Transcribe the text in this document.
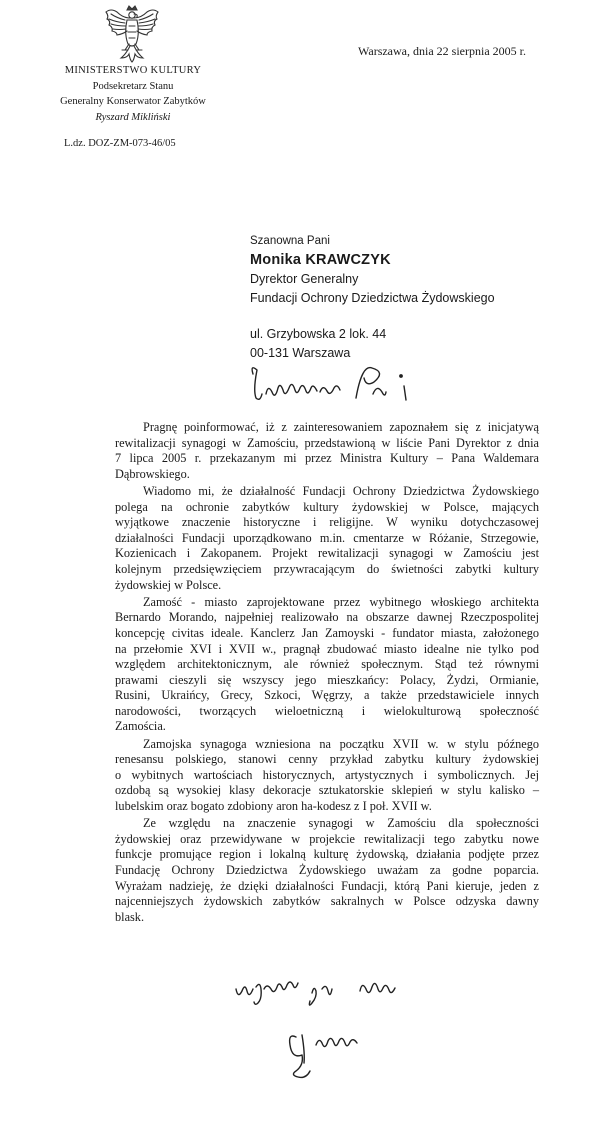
Warszawa, dnia 22 sierpnia 2005 r.
MINISTERSTWO KULTURY
Podsekretarz Stanu
Generalny Konserwator Zabytków
Ryszard Mikliński
L.dz. DOZ-ZM-073-46/05
Szanowna Pani
Monika KRAWCZYK
Dyrektor Generalny
Fundacji Ochrony Dziedzictwa Żydowskiego
ul. Grzybowska 2 lok. 44
00-131 Warszawa

Pragnę poinformować, iż z zainteresowaniem zapoznałem się z inicjatywą
rewitalizacji synagogi w Zamościu, przedstawioną w liście Pani Dyrektor z dnia
7 lipca 2005 r. przekazanym mi przez Ministra Kultury – Pana Waldemara
Dąbrowskiego.

Wiadomo mi, że działalność Fundacji Ochrony Dziedzictwa Żydowskiego
polega na ochronie zabytków kultury żydowskiej w Polsce, mających
wyjątkowe znaczenie historyczne i religijne. W wyniku dotychczasowej
działalności Fundacji uporządkowano m.in. cmentarze w Różanie, Strzegowie,
Kozienicach i Zakopanem. Projekt rewitalizacji synagogi w Zamościu jest
kolejnym przedsięwzięciem przywracającym do świetności zabytki kultury
żydowskiej w Polsce.

Zamość - miasto zaprojektowane przez wybitnego włoskiego architekta
Bernardo Morando, najpełniej realizowało na obszarze dawnej Rzeczpospolitej
koncepcję civitas ideale. Kanclerz Jan Zamoyski - fundator miasta, założonego
na przełomie XVI i XVII w., pragnął zbudować miasto idealne nie tylko pod
względem architektonicznym, ale również społecznym. Stąd też równymi
prawami cieszyli się wszyscy jego mieszkańcy: Polacy, Żydzi, Ormianie,
Rusini, Ukraińcy, Grecy, Szkoci, Węgrzy, a także przedstawiciele innych
narodowości, tworzących wieloetniczną i wielokulturową społeczność
Zamościa.

Zamojska synagoga wzniesiona na początku XVII w. w stylu późnego
renesansu polskiego, stanowi cenny przykład zabytku kultury żydowskiej
o wybitnych wartościach historycznych, artystycznych i symbolicznych. Jej
ozdobą są wysokiej klasy dekoracje sztukatorskie sklepień w stylu kalisko –
lubelskim oraz bogato zdobiony aron ha-kodesz z I poł. XVII w.

Ze względu na znaczenie synagogi w Zamościu dla społeczności
żydowskiej oraz przewidywane w projekcie rewitalizacji tego zabytku nowe
funkcje promujące region i lokalną kulturę żydowską, działania podjęte przez
Fundację Ochrony Dziedzictwa Żydowskiego uważam za godne poparcia.
Wyrażam nadzieję, że dzięki działalności Fundacji, którą Pani kieruje, jeden z
najcenniejszych żydowskich zabytków sakralnych w Polsce odzyska dawny
blask.
